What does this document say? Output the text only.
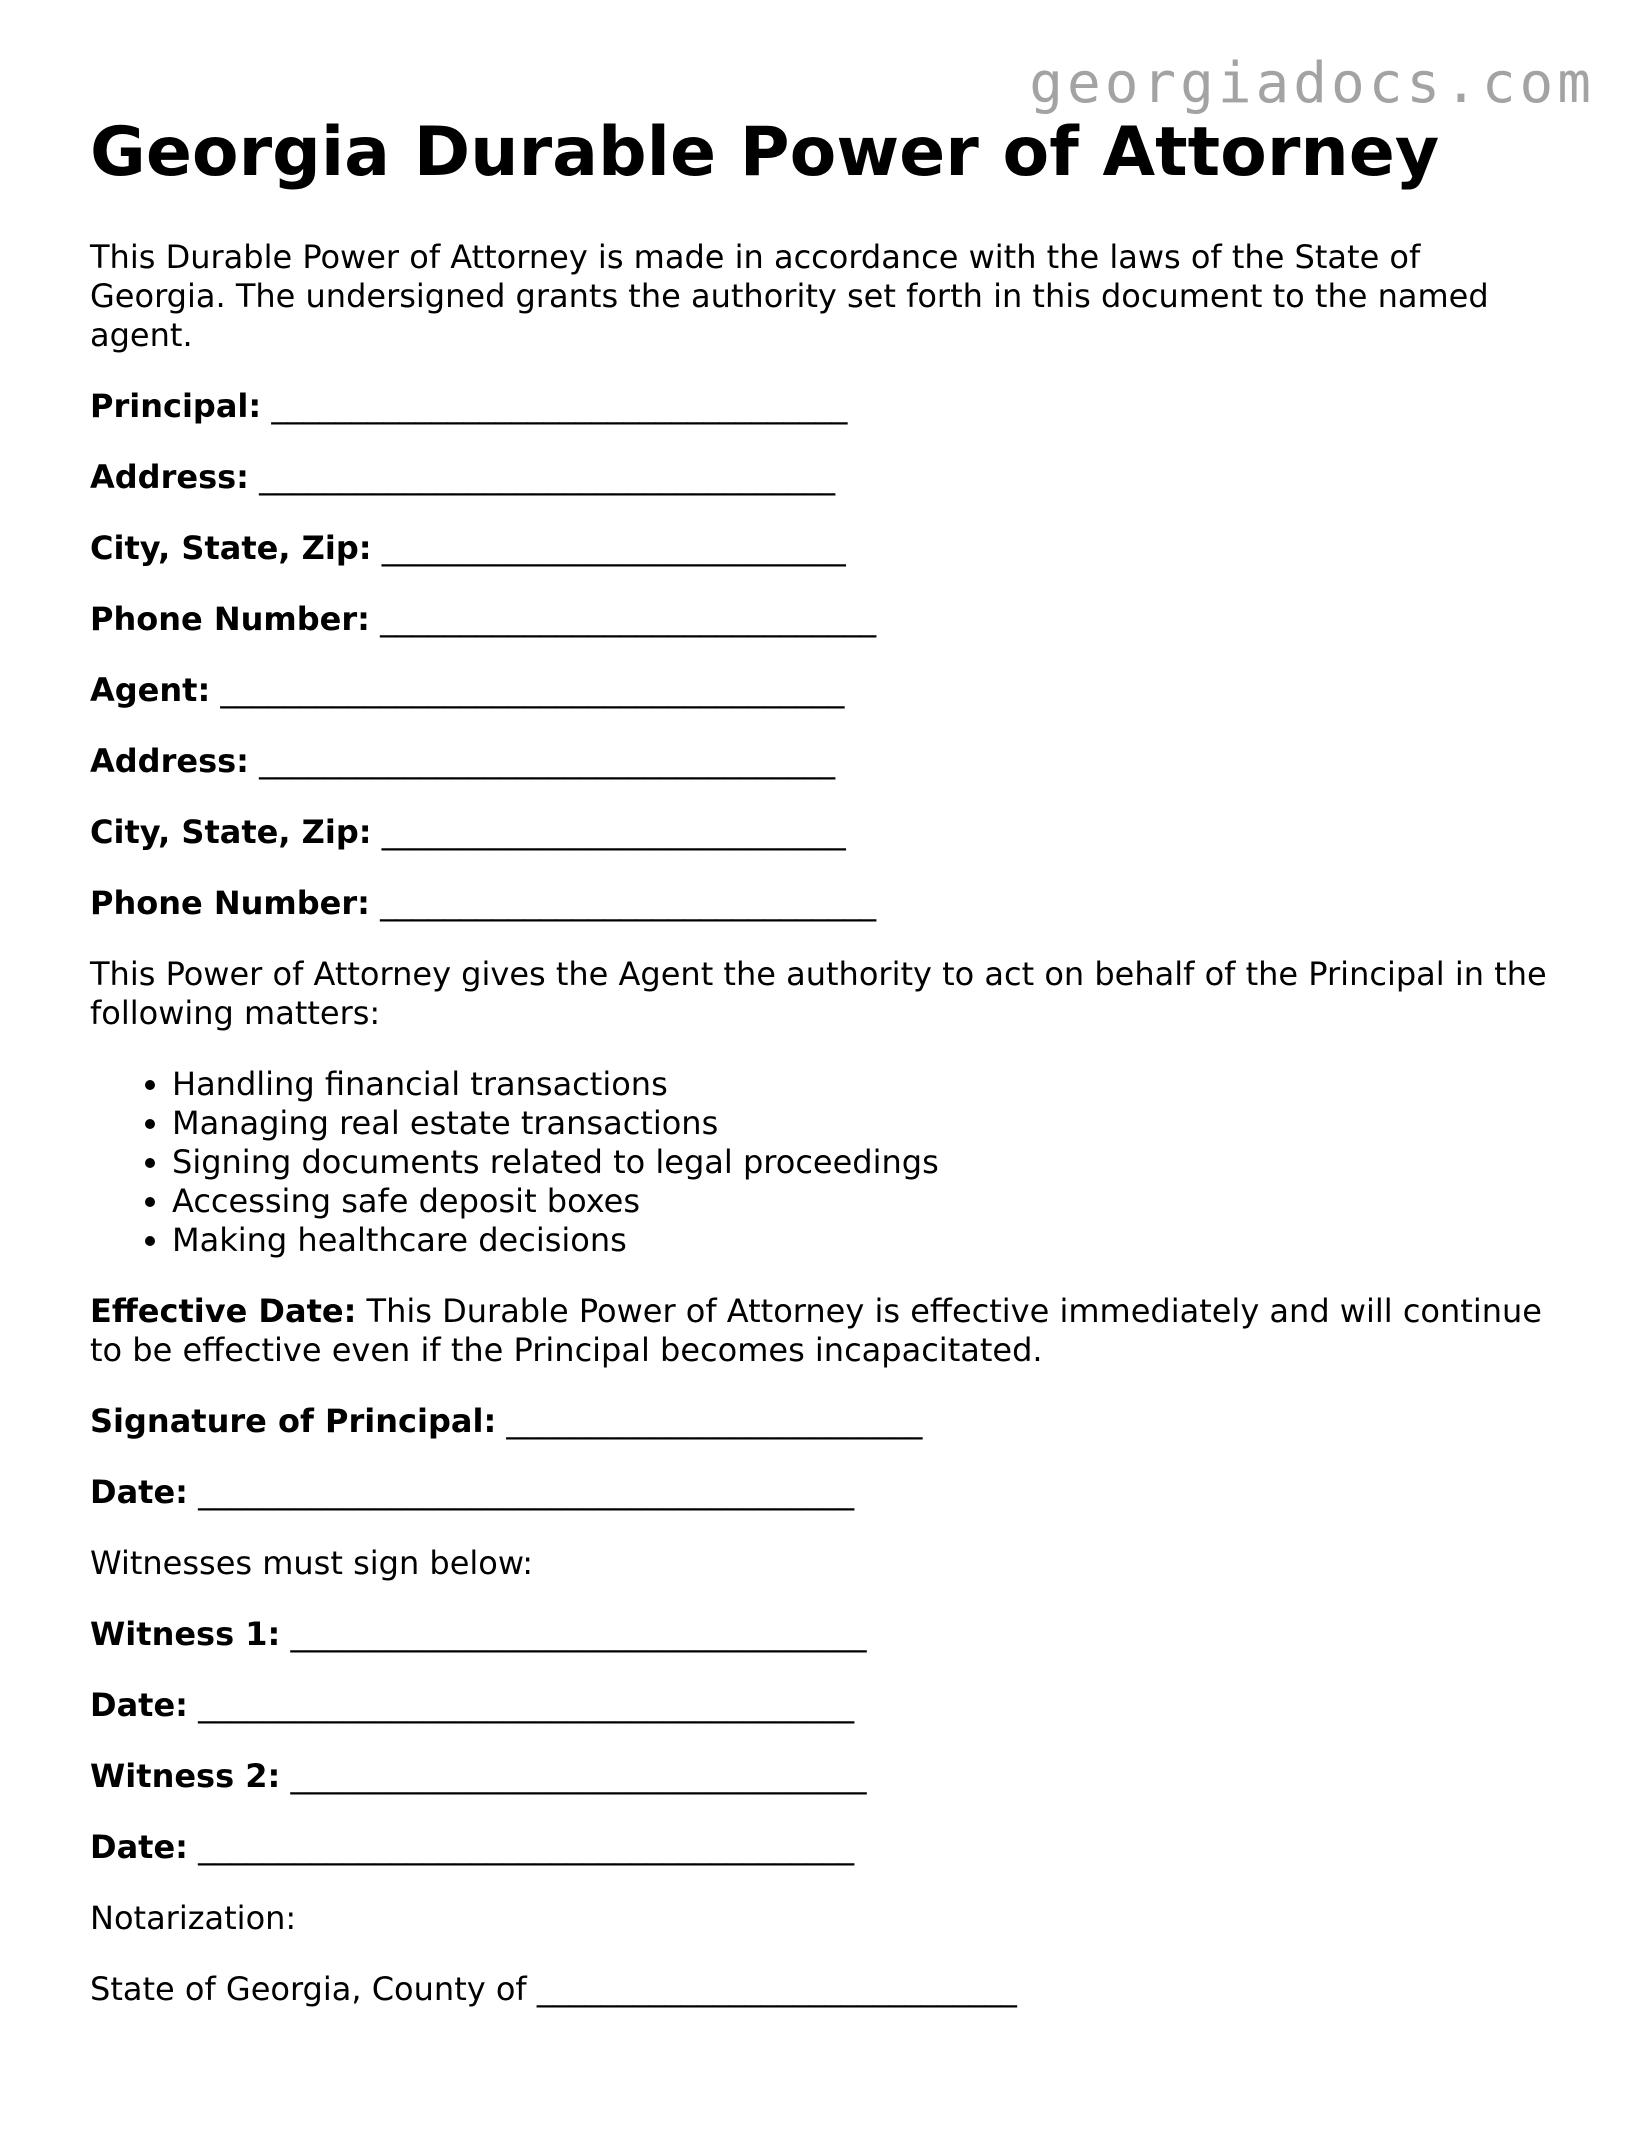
georgiadocs.com
Georgia Durable Power of Attorney

This Durable Power of Attorney is made in accordance with the laws of the State of Georgia. The undersigned grants the authority set forth in this document to the named agent.

Principal: ____________________________________

Address: ____________________________________

City, State, Zip: _____________________________

Phone Number: _______________________________

Agent: _______________________________________

Address: ____________________________________

City, State, Zip: _____________________________

Phone Number: _______________________________

This Power of Attorney gives the Agent the authority to act on behalf of the Principal in the following matters:

• Handling financial transactions
• Managing real estate transactions
• Signing documents related to legal proceedings
• Accessing safe deposit boxes
• Making healthcare decisions

Effective Date: This Durable Power of Attorney is effective immediately and will continue to be effective even if the Principal becomes incapacitated.

Signature of Principal: __________________________

Date: _________________________________________

Witnesses must sign below:

Witness 1: ____________________________________

Date: _________________________________________

Witness 2: ____________________________________

Date: _________________________________________

Notarization:

State of Georgia, County of ______________________________
